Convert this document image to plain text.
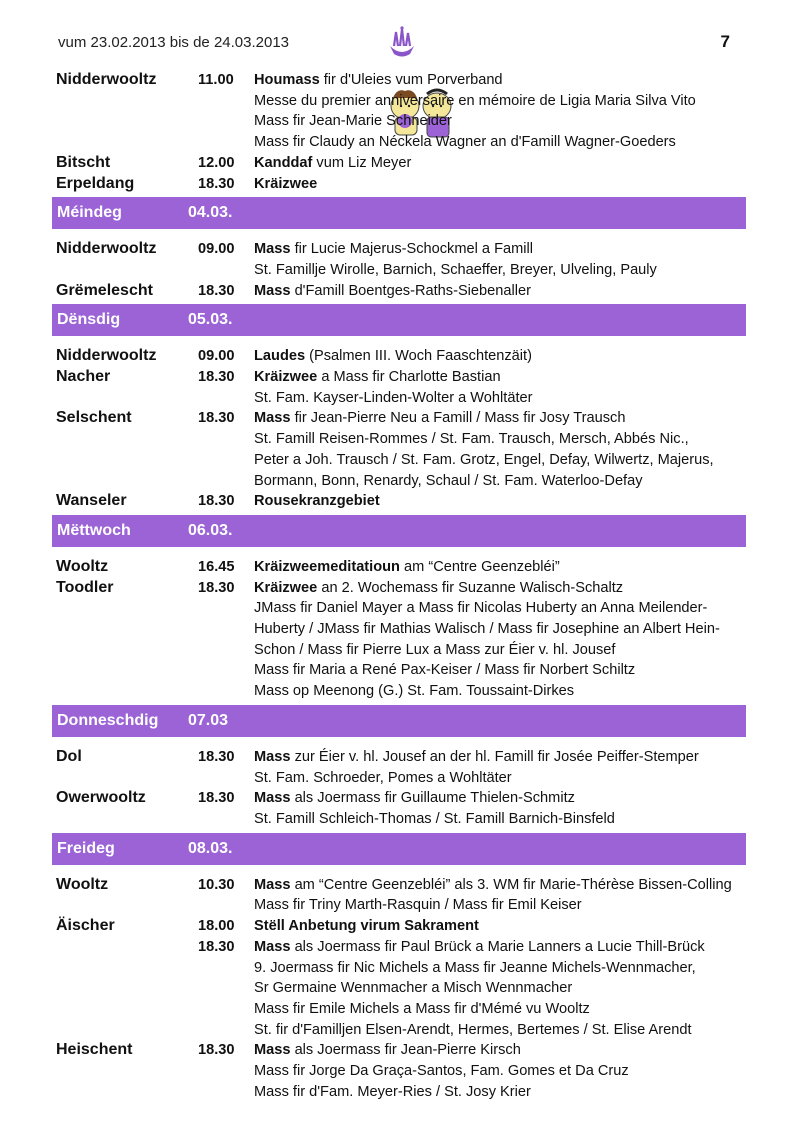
vum 23.02.2013 bis de 24.03.2013	7
Nidderwooltz	11.00	Houmass fir d'Uleies vum Porverband
Messe du premier anniversaire en mémoire de Ligia Maria Silva Vito
Mass fir Jean-Marie Schneider
Mass fir Claudy an Néckela Wagner an d'Famill Wagner-Goeders
Bitscht	12.00	Kanddaf vum Liz Meyer
Erpeldang	18.30	Kräizwee
Méindeg	04.03.
Nidderwooltz	09.00	Mass fir Lucie Majerus-Schockmel a Famill
St. Famillje Wirolle, Barnich, Schaeffer, Breyer, Ulveling, Pauly
Grëmelescht	18.30	Mass d'Famill Boentges-Raths-Siebenaller
Dënsdig	05.03.
Nidderwooltz	09.00	Laudes (Psalmen III. Woch Faaschtenzäit)
Nacher	18.30	Kräizwee a Mass fir Charlotte Bastian
St. Fam. Kayser-Linden-Wolter a Wohltäter
Selschent	18.30	Mass fir Jean-Pierre Neu a Famill / Mass fir Josy Trausch
St. Famill Reisen-Rommes / St. Fam. Trausch, Mersch, Abbés Nic.,
Peter a Joh. Trausch / St. Fam. Grotz, Engel, Defay, Wilwertz, Majerus,
Bormann, Bonn, Renardy, Schaul / St. Fam. Waterloo-Defay
Wanseler	18.30	Rousekranzgebiet
Mëttwoch	06.03.
Wooltz	16.45	Kräizweemeditatioun am “Centre Geenzebléi”
Toodler	18.30	Kräizwee an 2. Wochemass fir Suzanne Walisch-Schaltz
JMass fir Daniel Mayer a Mass fir Nicolas Huberty an Anna Meilender-
Huberty / JMass fir Mathias Walisch / Mass fir Josephine an Albert Hein-
Schon / Mass fir Pierre Lux a Mass zur Éier v. hl. Jousef
Mass fir Maria a René Pax-Keiser / Mass fir Norbert Schiltz
Mass op Meenong (G.) St. Fam. Toussaint-Dirkes
Donneschdig	07.03
Dol	18.30	Mass zur Éier v. hl. Jousef an der hl. Famill fir Josée Peiffer-Stemper
St. Fam. Schroeder, Pomes a Wohltäter
Owerwooltz	18.30	Mass als Joermass fir Guillaume Thielen-Schmitz
St. Famill Schleich-Thomas / St. Famill Barnich-Binsfeld
Freideg	08.03.
Wooltz	10.30	Mass am “Centre Geenzebléi” als 3. WM fir Marie-Thérèse Bissen-Colling
Mass fir Triny Marth-Rasquin / Mass fir Emil Keiser
Äischer	18.00	Stëll Anbetung virum Sakrament
18.30	Mass als Joermass fir Paul Brück a Marie Lanners a Lucie Thill-Brück
9. Joermass fir Nic Michels a Mass fir Jeanne Michels-Wennmacher,
Sr Germaine Wennmacher a Misch Wennmacher
Mass fir Emile Michels a Mass fir d'Mémé vu Wooltz
St. fir d'Familljen Elsen-Arendt, Hermes, Bertemes / St. Elise Arendt
Heischent	18.30	Mass als Joermass fir Jean-Pierre Kirsch
Mass fir Jorge Da Graça-Santos, Fam. Gomes et Da Cruz
Mass fir d'Fam. Meyer-Ries / St. Josy Krier
